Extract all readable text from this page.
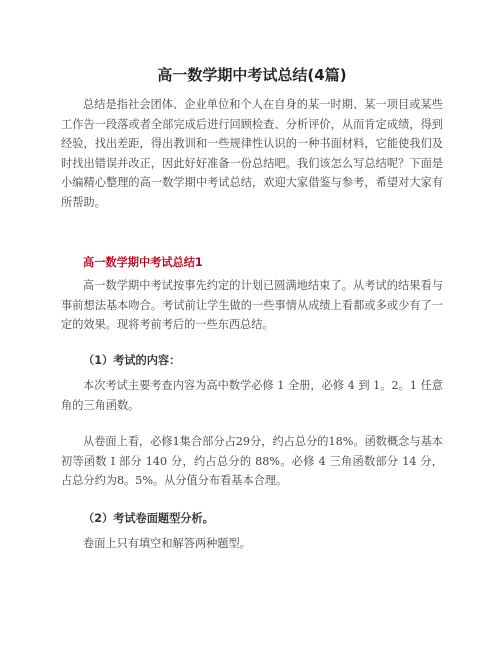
高一数学期中考试总结(4篇)

总结是指社会团体、企业单位和个人在自身的某一时期、某一项目或某些工作告一段落或者全部完成后进行回顾检查、分析评价，从而肯定成绩，得到经验，找出差距，得出教训和一些规律性认识的一种书面材料，它能使我们及时找出错误并改正，因此好好准备一份总结吧。我们该怎么写总结呢？下面是小编精心整理的高一数学期中考试总结，欢迎大家借鉴与参考，希望对大家有所帮助。

高一数学期中考试总结1

高一数学期中考试按事先约定的计划已圆满地结束了。从考试的结果看与事前想法基本吻合。考试前让学生做的一些事情从成绩上看都或多或少有了一定的效果。现将考前考后的一些东西总结。

（1）考试的内容：

本次考试主要考查内容为高中数学必修 1 全册，必修 4 到 1。2。1 任意角的三角函数。

从卷面上看，必修1集合部分占29分，约占总分的18%。函数概念与基本初等函数 I 部分 140 分，约占总分的 88%。必修 4 三角函数部分 14 分，占总分约为8。5%。从分值分布看基本合理。

（2）考试卷面题型分析。

卷面上只有填空和解答两种题型。
